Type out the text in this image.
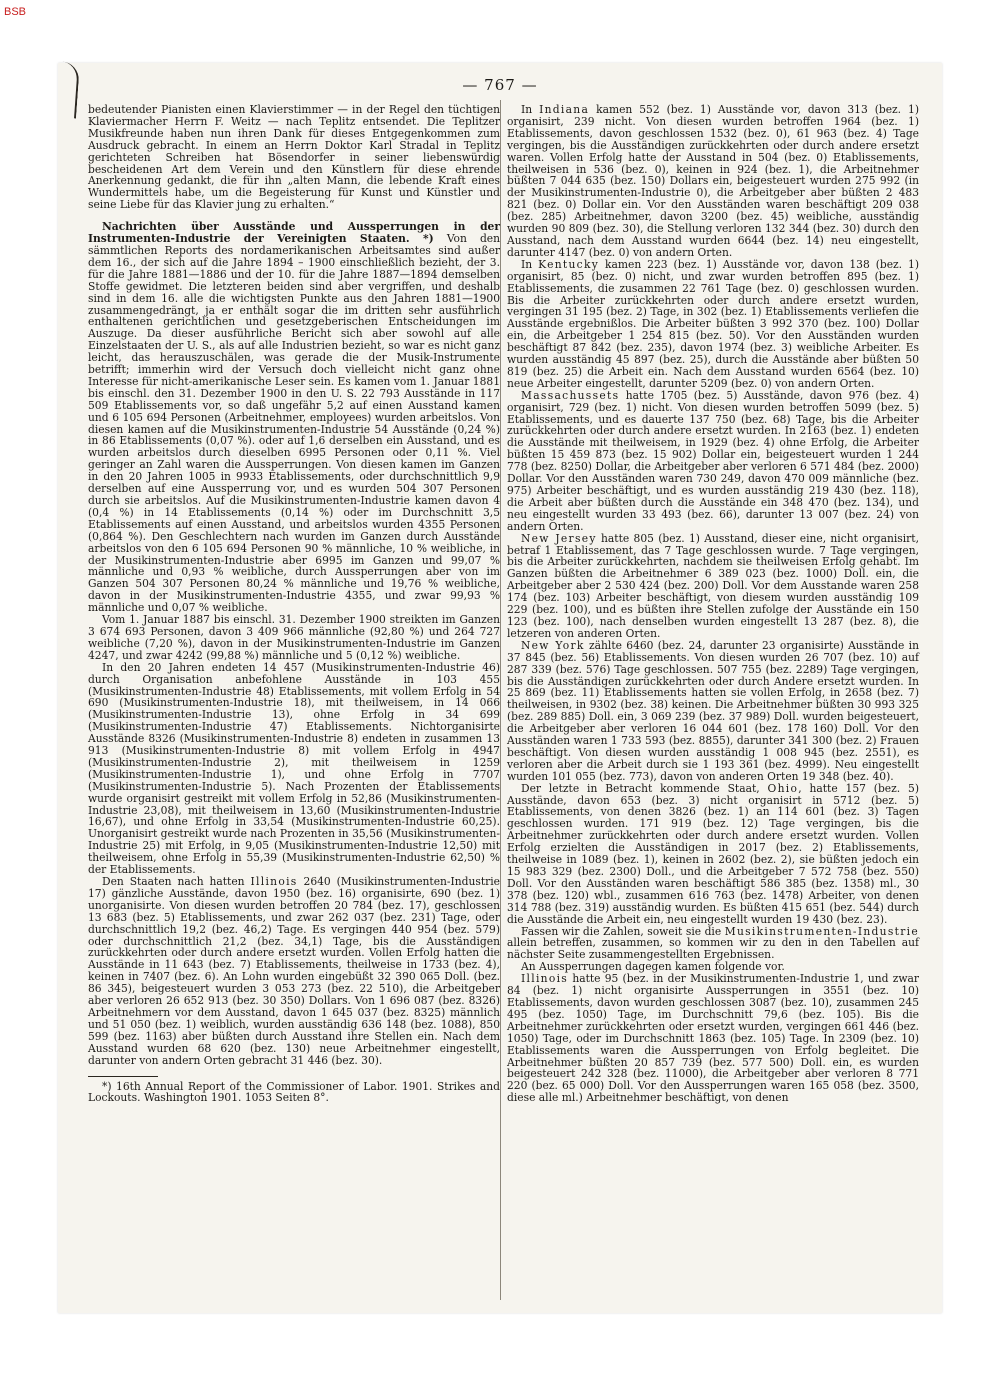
BSB
— 767 —

bedeutender Pianisten einen Klavierstimmer — in der Regel den tüchtigen Klaviermacher Herrn F. Weitz — nach Teplitz entsendet. Die Teplitzer Musikfreunde haben nun ihren Dank für dieses Entgegenkommen zum Ausdruck gebracht. In einem an Herrn Doktor Karl Stradal in Teplitz gerichteten Schreiben hat Bösendorfer in seiner liebenswürdig bescheidenen Art dem Verein und den Künstlern für diese ehrende Anerkennung gedankt, die für ihn „alten Mann, die lebende Kraft eines Wundermittels habe, um die Begeisterung für Kunst und Künstler und seine Liebe für das Klavier jung zu erhalten.“

Nachrichten über Ausstände und Aussperrungen in der Instrumenten-Industrie der Vereinigten Staaten. *) Von den sämmtlichen Reports des nordamerikanischen Arbeitsamtes sind außer dem 16., der sich auf die Jahre 1894 – 1900 einschließlich bezieht, der 3. für die Jahre 1881—1886 und der 10. für die Jahre 1887—1894 demselben Stoffe gewidmet. Die letzteren beiden sind aber vergriffen, und deshalb sind in dem 16. alle die wichtigsten Punkte aus den Jahren 1881—1900 zusammengedrängt, ja er enthält sogar die im dritten sehr ausführlich enthaltenen gerichtlichen und gesetzgeberischen Entscheidungen im Auszuge. Da dieser ausführliche Bericht sich aber sowohl auf alle Einzelstaaten der U. S., als auf alle Industrien bezieht, so war es nicht ganz leicht, das herauszuschälen, was gerade die der Musik-Instrumente betrifft; immerhin wird der Versuch doch vielleicht nicht ganz ohne Interesse für nicht-amerikanische Leser sein. Es kamen vom 1. Januar 1881 bis einschl. den 31. Dezember 1900 in den U. S. 22 793 Ausstände in 117 509 Etablissements vor, so daß ungefähr 5,2 auf einen Ausstand kamen und 6 105 694 Personen (Arbeitnehmer, employees) wurden arbeitslos. Von diesen kamen auf die Musikinstrumenten-Industrie 54 Ausstände (0,24 %) in 86 Etablissements (0,07 %). oder auf 1,6 derselben ein Ausstand, und es wurden arbeitslos durch dieselben 6995 Personen oder 0,11 %. Viel geringer an Zahl waren die Aussperrungen. Von diesen kamen im Ganzen in den 20 Jahren 1005 in 9933 Etablissements, oder durchschnittlich 9,9 derselben auf eine Aussperrung vor, und es wurden 504 307 Personen durch sie arbeitslos. Auf die Musikinstrumenten-Industrie kamen davon 4 (0,4 %) in 14 Etablissements (0,14 %) oder im Durchschnitt 3,5 Etablissements auf einen Ausstand, und arbeitslos wurden 4355 Personen (0,864 %). Den Geschlechtern nach wurden im Ganzen durch Ausstände arbeitslos von den 6 105 694 Personen 90 % männliche, 10 % weibliche, in der Musikinstrumenten-Industrie aber 6995 im Ganzen und 99,07 % männliche und 0,93 % weibliche, durch Aussperrungen aber von im Ganzen 504 307 Personen 80,24 % männliche und 19,76 % weibliche, davon in der Musikinstrumenten-Industrie 4355, und zwar 99,93 % männliche und 0,07 % weibliche.

Vom 1. Januar 1887 bis einschl. 31. Dezember 1900 streikten im Ganzen 3 674 693 Personen, davon 3 409 966 männliche (92,80 %) und 264 727 weibliche (7,20 %), davon in der Musikinstrumenten-Industrie im Ganzen 4247, und zwar 4242 (99,88 %) männliche und 5 (0,12 %) weibliche.

In den 20 Jahren endeten 14 457 (Musikinstrumenten-Industrie 46) durch Organisation anbefohlene Ausstände in 103 455 (Musikinstrumenten-Industrie 48) Etablissements, mit vollem Erfolg in 54 690 (Musikinstrumenten-Industrie 18), mit theilweisem, in 14 066 (Musikinstrumenten-Industrie 13), ohne Erfolg in 34 699 (Musikinstrumenten-Industrie 47) Etablissements. Nichtorganisirte Ausstände 8326 (Musikinstrumenten-Industrie 8) endeten in zusammen 13 913 (Musikinstrumenten-Industrie 8) mit vollem Erfolg in 4947 (Musikinstrumenten-Industrie 2), mit theilweisem in 1259 (Musikinstrumenten-Industrie 1), und ohne Erfolg in 7707 (Musikinstrumenten-Industrie 5). Nach Prozenten der Etablissements wurde organisirt gestreikt mit vollem Erfolg in 52,86 (Musikinstrumenten-Industrie 23,08), mit theilweisem in 13,60 (Musikinstrumenten-Industrie 16,67), und ohne Erfolg in 33,54 (Musikinstrumenten-Industrie 60,25). Unorganisirt gestreikt wurde nach Prozenten in 35,56 (Musikinstrumenten-Industrie 25) mit Erfolg, in 9,05 (Musikinstrumenten-Industrie 12,50) mit theilweisem, ohne Erfolg in 55,39 (Musikinstrumenten-Industrie 62,50) % der Etablissements.

Den Staaten nach hatten Illinois 2640 (Musikinstrumenten-Industrie 17) gänzliche Ausstände, davon 1950 (bez. 16) organisirte, 690 (bez. 1) unorganisirte. Von diesen wurden betroffen 20 784 (bez. 17), geschlossen 13 683 (bez. 5) Etablissements, und zwar 262 037 (bez. 231) Tage, oder durchschnittlich 19,2 (bez. 46,2) Tage. Es vergingen 440 954 (bez. 579) oder durchschnittlich 21,2 (bez. 34,1) Tage, bis die Ausständigen zurückkehrten oder durch andere ersetzt wurden. Vollen Erfolg hatten die Ausstände in 11 643 (bez. 7) Etablissements, theilweise in 1733 (bez. 4), keinen in 7407 (bez. 6). An Lohn wurden eingebüßt 32 390 065 Doll. (bez. 86 345), beigesteuert wurden 3 053 273 (bez. 22 510), die Arbeitgeber aber verloren 26 652 913 (bez. 30 350) Dollars. Von 1 696 087 (bez. 8326) Arbeitnehmern vor dem Ausstand, davon 1 645 037 (bez. 8325) männlich und 51 050 (bez. 1) weiblich, wurden ausständig 636 148 (bez. 1088), 850 599 (bez. 1163) aber büßten durch Ausstand ihre Stellen ein. Nach dem Ausstand wurden 68 620 (bez. 130) neue Arbeitnehmer eingestellt, darunter von andern Orten gebracht 31 446 (bez. 30).

*) 16th Annual Report of the Commissioner of Labor. 1901. Strikes and Lockouts. Washington 1901. 1053 Seiten 8°.

In Indiana kamen 552 (bez. 1) Ausstände vor, davon 313 (bez. 1) organisirt, 239 nicht. Von diesen wurden betroffen 1964 (bez. 1) Etablissements, davon geschlossen 1532 (bez. 0), 61 963 (bez. 4) Tage vergingen, bis die Ausständigen zurückkehrten oder durch andere ersetzt waren. Vollen Erfolg hatte der Ausstand in 504 (bez. 0) Etablissements, theilweisen in 536 (bez. 0), keinen in 924 (bez. 1), die Arbeitnehmer büßten 7 044 635 (bez. 150) Dollars ein, beigesteuert wurden 275 992 (in der Musikinstrumenten-Industrie 0), die Arbeitgeber aber büßten 2 483 821 (bez. 0) Dollar ein. Vor den Ausständen waren beschäftigt 209 038 (bez. 285) Arbeitnehmer, davon 3200 (bez. 45) weibliche, ausständig wurden 90 809 (bez. 30), die Stellung verloren 132 344 (bez. 30) durch den Ausstand, nach dem Ausstand wurden 6644 (bez. 14) neu eingestellt, darunter 4147 (bez. 0) von andern Orten.

In Kentucky kamen 223 (bez. 1) Ausstände vor, davon 138 (bez. 1) organisirt, 85 (bez. 0) nicht, und zwar wurden betroffen 895 (bez. 1) Etablissements, die zusammen 22 761 Tage (bez. 0) geschlossen wurden. Bis die Arbeiter zurückkehrten oder durch andere ersetzt wurden, vergingen 31 195 (bez. 2) Tage, in 302 (bez. 1) Etablissements verliefen die Ausstände ergebnißlos. Die Arbeiter büßten 3 992 370 (bez. 100) Dollar ein, die Arbeitgeber 1 254 815 (bez. 50). Vor den Ausständen wurden beschäftigt 87 842 (bez. 235), davon 1974 (bez. 3) weibliche Arbeiter. Es wurden ausständig 45 897 (bez. 25), durch die Ausstände aber büßten 50 819 (bez. 25) die Arbeit ein. Nach dem Ausstand wurden 6564 (bez. 10) neue Arbeiter eingestellt, darunter 5209 (bez. 0) von andern Orten.

Massachussets hatte 1705 (bez. 5) Ausstände, davon 976 (bez. 4) organisirt, 729 (bez. 1) nicht. Von diesen wurden betroffen 5099 (bez. 5) Etablissements, und es dauerte 137 750 (bez. 68) Tage, bis die Arbeiter zurückkehrten oder durch andere ersetzt wurden. In 2163 (bez. 1) endeten die Ausstände mit theilweisem, in 1929 (bez. 4) ohne Erfolg, die Arbeiter büßten 15 459 873 (bez. 15 902) Dollar ein, beigesteuert wurden 1 244 778 (bez. 8250) Dollar, die Arbeitgeber aber verloren 6 571 484 (bez. 2000) Dollar. Vor den Ausständen waren 730 249, davon 470 009 männliche (bez. 975) Arbeiter beschäftigt, und es wurden ausständig 219 430 (bez. 118), die Arbeit aber büßten durch die Ausstände ein 348 470 (bez. 134), und neu eingestellt wurden 33 493 (bez. 66), darunter 13 007 (bez. 24) von andern Orten.

New Jersey hatte 805 (bez. 1) Ausstand, dieser eine, nicht organisirt, betraf 1 Etablissement, das 7 Tage geschlossen wurde. 7 Tage vergingen, bis die Arbeiter zurückkehrten, nachdem sie theilweisen Erfolg gehabt. Im Ganzen büßten die Arbeitnehmer 6 389 023 (bez. 1000) Doll. ein, die Arbeitgeber aber 2 530 424 (bez. 200) Doll. Vor dem Ausstande waren 258 174 (bez. 103) Arbeiter beschäftigt, von diesem wurden ausständig 109 229 (bez. 100), und es büßten ihre Stellen zufolge der Ausstände ein 150 123 (bez. 100), nach denselben wurden eingestellt 13 287 (bez. 8), die letzeren von anderen Orten.

New York zählte 6460 (bez. 24, darunter 23 organisirte) Ausstände in 37 845 (bez. 56) Etablissements. Von diesen wurden 26 707 (bez. 10) auf 287 339 (bez. 576) Tage geschlossen. 507 755 (bez. 2289) Tage vergingen, bis die Ausständigen zurückkehrten oder durch Andere ersetzt wurden. In 25 869 (bez. 11) Etablissements hatten sie vollen Erfolg, in 2658 (bez. 7) theilweisen, in 9302 (bez. 38) keinen. Die Arbeitnehmer büßten 30 993 325 (bez. 289 885) Doll. ein, 3 069 239 (bez. 37 989) Doll. wurden beigesteuert, die Arbeitgeber aber verloren 16 044 601 (bez. 178 160) Doll. Vor den Ausständen waren 1 733 593 (bez. 8855), darunter 341 300 (bez. 2) Frauen beschäftigt. Von diesen wurden ausständig 1 008 945 (bez. 2551), es verloren aber die Arbeit durch sie 1 193 361 (bez. 4999). Neu eingestellt wurden 101 055 (bez. 773), davon von anderen Orten 19 348 (bez. 40).

Der letzte in Betracht kommende Staat, Ohio, hatte 157 (bez. 5) Ausstände, davon 653 (bez. 3) nicht organisirt in 5712 (bez. 5) Etablissements, von denen 3826 (bez. 1) an 114 601 (bez. 3) Tagen geschlossen wurden. 171 919 (bez. 12) Tage vergingen, bis die Arbeitnehmer zurückkehrten oder durch andere ersetzt wurden. Vollen Erfolg erzielten die Ausständigen in 2017 (bez. 2) Etablissements, theilweise in 1089 (bez. 1), keinen in 2602 (bez. 2), sie büßten jedoch ein 15 983 329 (bez. 2300) Doll., und die Arbeitgeber 7 572 758 (bez. 550) Doll. Vor den Ausständen waren beschäftigt 586 385 (bez. 1358) ml., 30 378 (bez. 120) wbl., zusammen 616 763 (bez. 1478) Arbeiter, von denen 314 788 (bez. 319) ausständig wurden. Es büßten 415 651 (bez. 544) durch die Ausstände die Arbeit ein, neu eingestellt wurden 19 430 (bez. 23).

Fassen wir die Zahlen, soweit sie die Musikinstrumenten-Industrie allein betreffen, zusammen, so kommen wir zu den in den Tabellen auf nächster Seite zusammengestellten Ergebnissen.

An Aussperrungen dagegen kamen folgende vor.

Illinois hatte 95 (bez. in der Musikinstrumenten-Industrie 1, und zwar 84 (bez. 1) nicht organisirte Aussperrungen in 3551 (bez. 10) Etablissements, davon wurden geschlossen 3087 (bez. 10), zusammen 245 495 (bez. 1050) Tage, im Durchschnitt 79,6 (bez. 105). Bis die Arbeitnehmer zurückkehrten oder ersetzt wurden, vergingen 661 446 (bez. 1050) Tage, oder im Durchschnitt 1863 (bez. 105) Tage. In 2309 (bez. 10) Etablissements waren die Aussperrungen von Erfolg begleitet. Die Arbeitnehmer büßten 20 857 739 (bez. 577 500) Doll. ein, es wurden beigesteuert 242 328 (bez. 11000), die Arbeitgeber aber verloren 8 771 220 (bez. 65 000) Doll. Vor den Aussperrungen waren 165 058 (bez. 3500, diese alle ml.) Arbeitnehmer beschäftigt, von denen
